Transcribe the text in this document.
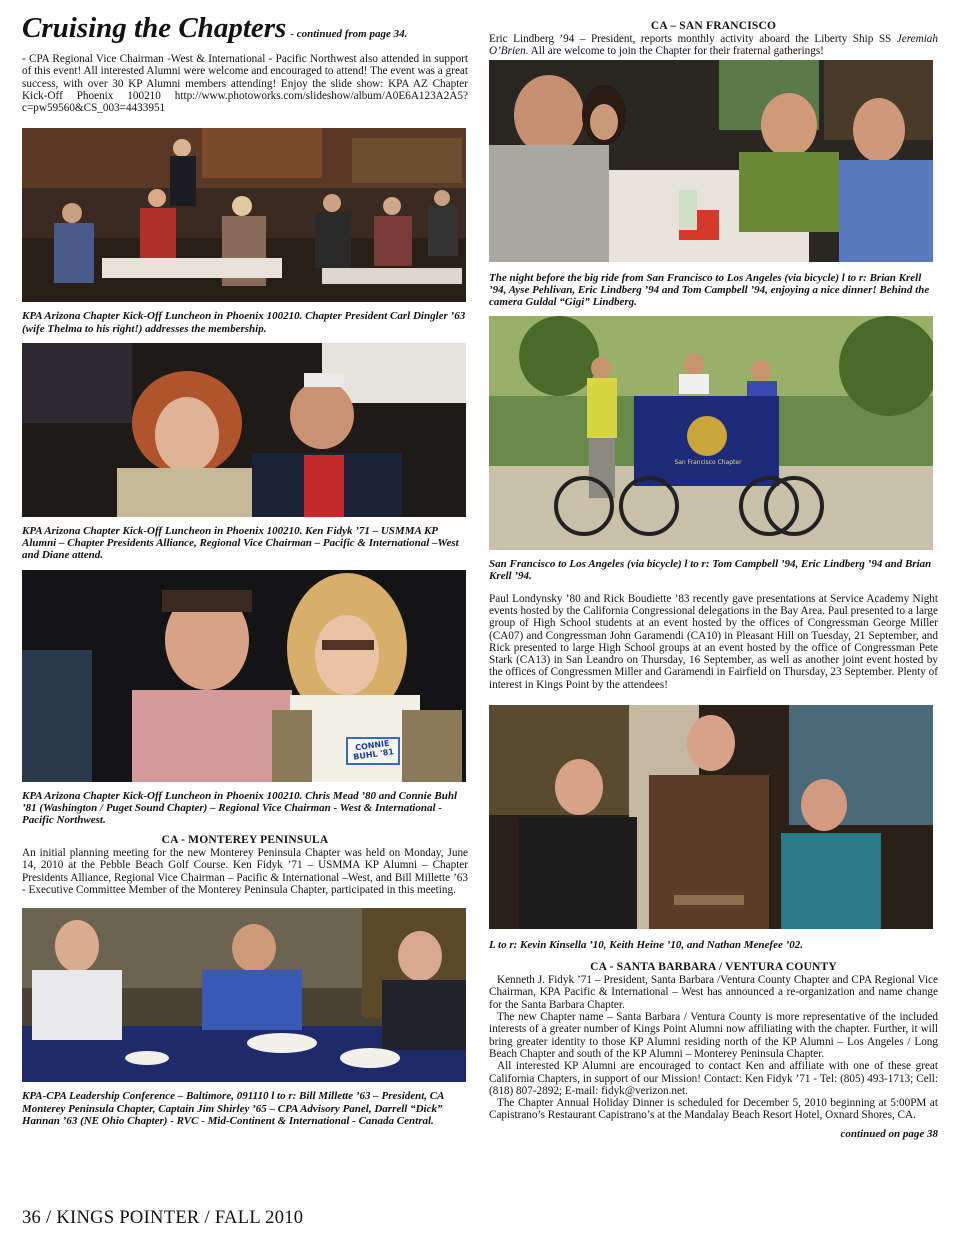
Cruising the Chapters - continued from page 34.

- CPA Regional Vice Chairman -West & International - Pacific Northwest also attended in support of this event! All interested Alumni were welcome and encouraged to attend! The event was a great success, with over 30 KP Alumni members attending! Enjoy the slide show: KPA AZ Chapter Kick-Off Phoenix 100210 http://www.photoworks.com/slideshow/album/A0E6A123A2A5?c=pw59560&CS_003=4433951

KPA Arizona Chapter Kick-Off Luncheon in Phoenix 100210. Chapter President Carl Dingler ’63 (wife Thelma to his right!) addresses the membership.

KPA Arizona Chapter Kick-Off Luncheon in Phoenix 100210. Ken Fidyk ’71 – USMMA KP Alumni – Chapter Presidents Alliance, Regional Vice Chairman – Pacific & International –West and Diane attend.

CONNIE BUHL '81

KPA Arizona Chapter Kick-Off Luncheon in Phoenix 100210. Chris Mead ’80 and Connie Buhl ’81 (Washington / Puget Sound Chapter) – Regional Vice Chairman - West & International - Pacific Northwest.

CA - MONTEREY PENINSULA

An initial planning meeting for the new Monterey Peninsula Chapter was held on Monday, June 14, 2010 at the Pebble Beach Golf Course. Ken Fidyk ’71 – USMMA KP Alumni – Chapter Presidents Alliance, Regional Vice Chairman – Pacific & International –West, and Bill Millette ’63 - Executive Committee Member of the Monterey Peninsula Chapter, participated in this meeting.

KPA-CPA Leadership Conference – Baltimore, 091110 l to r: Bill Millette ’63 – President, CA Monterey Peninsula Chapter, Captain Jim Shirley ’65 – CPA Advisory Panel, Darrell “Dick” Hannan ’63 (NE Ohio Chapter) - RVC - Mid-Continent & International - Canada Central.

CA – SAN FRANCISCO

Eric Lindberg ’94 – President, reports monthly activity aboard the Liberty Ship SS Jeremiah O’Brien. All are welcome to join the Chapter for their fraternal gatherings!

The night before the big ride from San Francisco to Los Angeles (via bicycle) l to r: Brian Krell ’94, Ayse Pehlivan, Eric Lindberg ’94 and Tom Campbell ’94, enjoying a nice dinner! Behind the camera Guldal “Gigi” Lindberg.

San Francisco Chapter

San Francisco to Los Angeles (via bicycle) l to r: Tom Campbell ’94, Eric Lindberg ’94 and Brian Krell ’94.

Paul Londynsky ’80 and Rick Boudiette ’83 recently gave presentations at Service Academy Night events hosted by the California Congressional delegations in the Bay Area. Paul presented to a large group of High School students at an event hosted by the offices of Congressman George Miller (CA07) and Congressman John Garamendi (CA10) in Pleasant Hill on Tuesday, 21 September, and Rick presented to large High School groups at an event hosted by the office of Congressman Pete Stark (CA13) in San Leandro on Thursday, 16 September, as well as another joint event hosted by the offices of Congressmen Miller and Garamendi in Fairfield on Thursday, 23 September. Plenty of interest in Kings Point by the attendees!

L to r: Kevin Kinsella ’10, Keith Heine ’10, and Nathan Menefee ’02.

CA - SANTA BARBARA / VENTURA COUNTY

Kenneth J. Fidyk ’71 – President, Santa Barbara /Ventura County Chapter and CPA Regional Vice Chairman, KPA Pacific & International – West has announced a re-organization and name change for the Santa Barbara Chapter.

The new Chapter name – Santa Barbara / Ventura County is more representative of the included interests of a greater number of Kings Point Alumni now affiliating with the chapter. Further, it will bring greater identity to those KP Alumni residing north of the KP Alumni – Los Angeles / Long Beach Chapter and south of the KP Alumni – Monterey Peninsula Chapter.

All interested KP Alumni are encouraged to contact Ken and affiliate with one of these great California Chapters, in support of our Mission! Contact: Ken Fidyk ’71 - Tel: (805) 493-1713; Cell: (818) 807-2892; E-mail: fidyk@verizon.net.

The Chapter Annual Holiday Dinner is scheduled for December 5, 2010 beginning at 5:00PM at Capistrano’s Restaurant Capistrano’s at the Mandalay Beach Resort Hotel, Oxnard Shores, CA.

continued on page 38

36 / KINGS POINTER / FALL 2010
